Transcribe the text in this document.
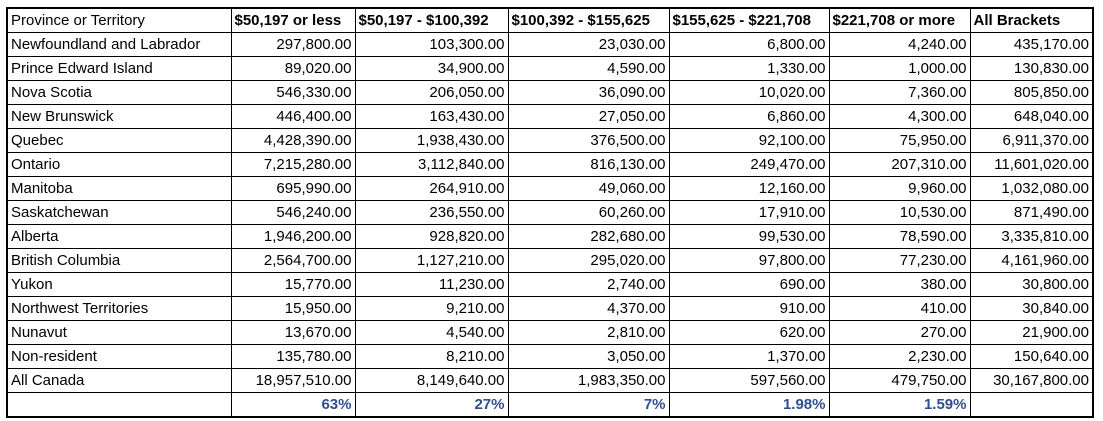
Province or Territory	$50,197 or less	$50,197 - $100,392	$100,392 - $155,625	$155,625 - $221,708	$221,708 or more	All Brackets
Newfoundland and Labrador	297,800.00	103,300.00	23,030.00	6,800.00	4,240.00	435,170.00
Prince Edward Island	89,020.00	34,900.00	4,590.00	1,330.00	1,000.00	130,830.00
Nova Scotia	546,330.00	206,050.00	36,090.00	10,020.00	7,360.00	805,850.00
New Brunswick	446,400.00	163,430.00	27,050.00	6,860.00	4,300.00	648,040.00
Quebec	4,428,390.00	1,938,430.00	376,500.00	92,100.00	75,950.00	6,911,370.00
Ontario	7,215,280.00	3,112,840.00	816,130.00	249,470.00	207,310.00	11,601,020.00
Manitoba	695,990.00	264,910.00	49,060.00	12,160.00	9,960.00	1,032,080.00
Saskatchewan	546,240.00	236,550.00	60,260.00	17,910.00	10,530.00	871,490.00
Alberta	1,946,200.00	928,820.00	282,680.00	99,530.00	78,590.00	3,335,810.00
British Columbia	2,564,700.00	1,127,210.00	295,020.00	97,800.00	77,230.00	4,161,960.00
Yukon	15,770.00	11,230.00	2,740.00	690.00	380.00	30,800.00
Northwest Territories	15,950.00	9,210.00	4,370.00	910.00	410.00	30,840.00
Nunavut	13,670.00	4,540.00	2,810.00	620.00	270.00	21,900.00
Non-resident	135,780.00	8,210.00	3,050.00	1,370.00	2,230.00	150,640.00
All Canada	18,957,510.00	8,149,640.00	1,983,350.00	597,560.00	479,750.00	30,167,800.00
	63%	27%	7%	1.98%	1.59%	
